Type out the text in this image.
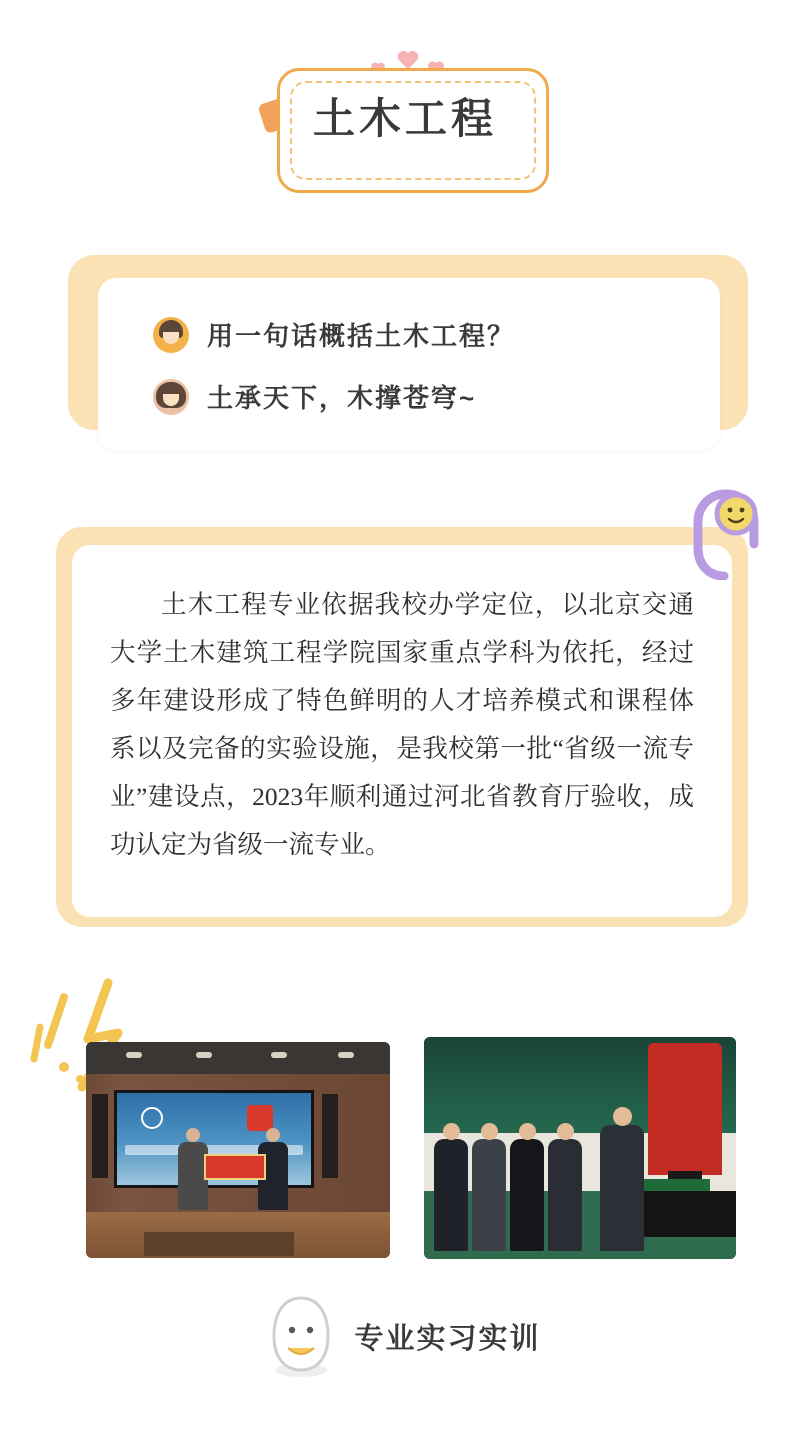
土木工程
用一句话概括土木工程？
土承天下，木撑苍穹~
土木工程专业依据我校办学定位，以北京交通大学土木建筑工程学院国家重点学科为依托，经过多年建设形成了特色鲜明的人才培养模式和课程体系以及完备的实验设施，是我校第一批“省级一流专业”建设点，2023年顺利通过河北省教育厅验收，成功认定为省级一流专业。
专业实习实训
